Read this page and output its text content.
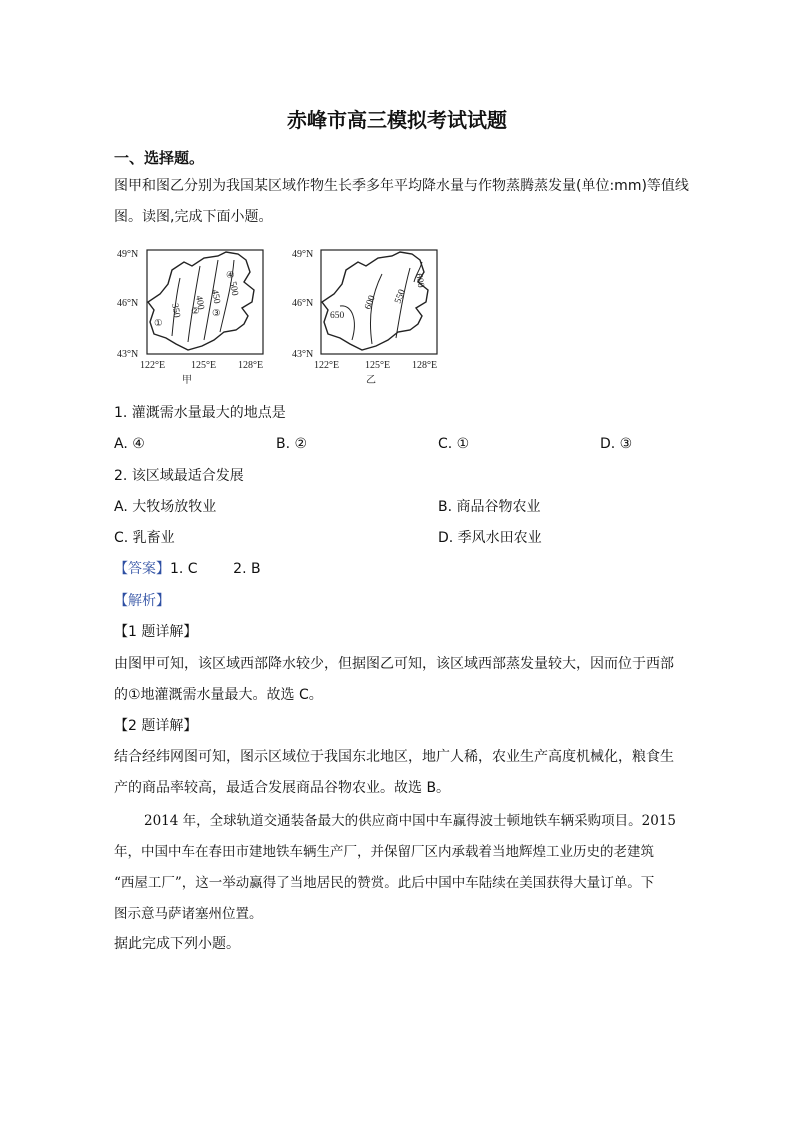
赤峰市高三模拟考试试题
一、选择题。
图甲和图乙分别为我国某区域作物生长季多年平均降水量与作物蒸腾蒸发量(单位:mm)等值线
图。读图,完成下面小题。
49°N
46°N
43°N
122°E	125°E 128°E
甲
350
400 450
500
①
② ③
④
49°N
46°N
43°N
122°E	125°E 128°E
乙
650
600 550
600
1. 灌溉需水量最大的地点是
A. ④	B. ②	C. ①	D. ③
2. 该区域最适合发展
A. 大牧场放牧业	B. 商品谷物农业
C. 乳畜业	D. 季风水田农业
【答案】1. C        2. B
【解析】
【1 题详解】
由图甲可知，该区域西部降水较少，但据图乙可知，该区域西部蒸发量较大，因而位于西部
的①地灌溉需水量最大。故选 C。
【2 题详解】
结合经纬网图可知，图示区域位于我国东北地区，地广人稀，农业生产高度机械化，粮食生
产的商品率较高，最适合发展商品谷物农业。故选 B。
2014 年，全球轨道交通装备最大的供应商中国中车赢得波士顿地铁车辆采购项目。2015
年，中国中车在春田市建地铁车辆生产厂，并保留厂区内承载着当地辉煌工业历史的老建筑
“西屋工厂”，这一举动赢得了当地居民的赞赏。此后中国中车陆续在美国获得大量订单。下
图示意马萨诸塞州位置。
据此完成下列小题。
